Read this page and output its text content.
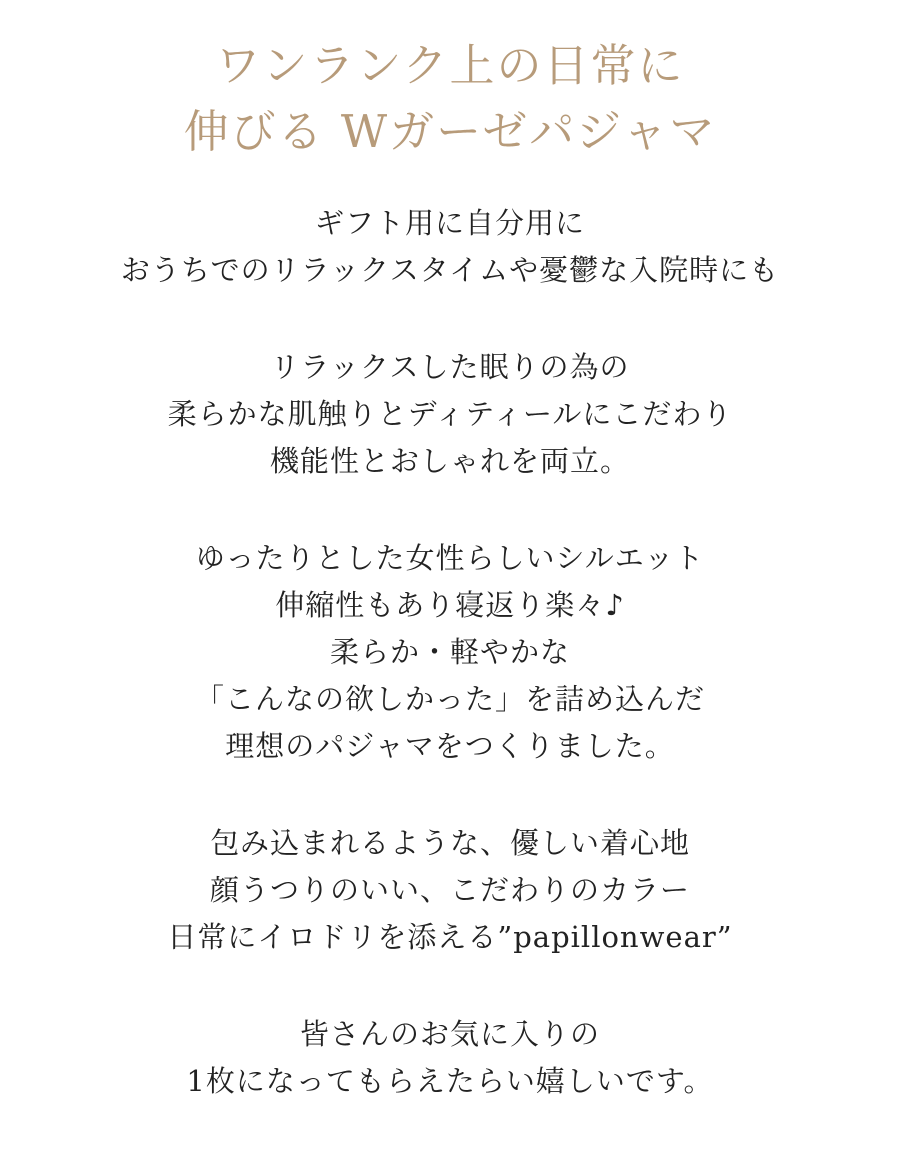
ワンランク上の日常に
伸びる Wガーゼパジャマ

ギフト用に自分用に
おうちでのリラックスタイムや憂鬱な入院時にも

リラックスした眠りの為の
柔らかな肌触りとディティールにこだわり
機能性とおしゃれを両立。

ゆったりとした女性らしいシルエット
伸縮性もあり寝返り楽々♪
柔らか・軽やかな
「こんなの欲しかった」を詰め込んだ
理想のパジャマをつくりました。

包み込まれるような、優しい着心地
顔うつりのいい、こだわりのカラー
日常にイロドリを添える”papillonwear”

皆さんのお気に入りの
1枚になってもらえたらい嬉しいです。
